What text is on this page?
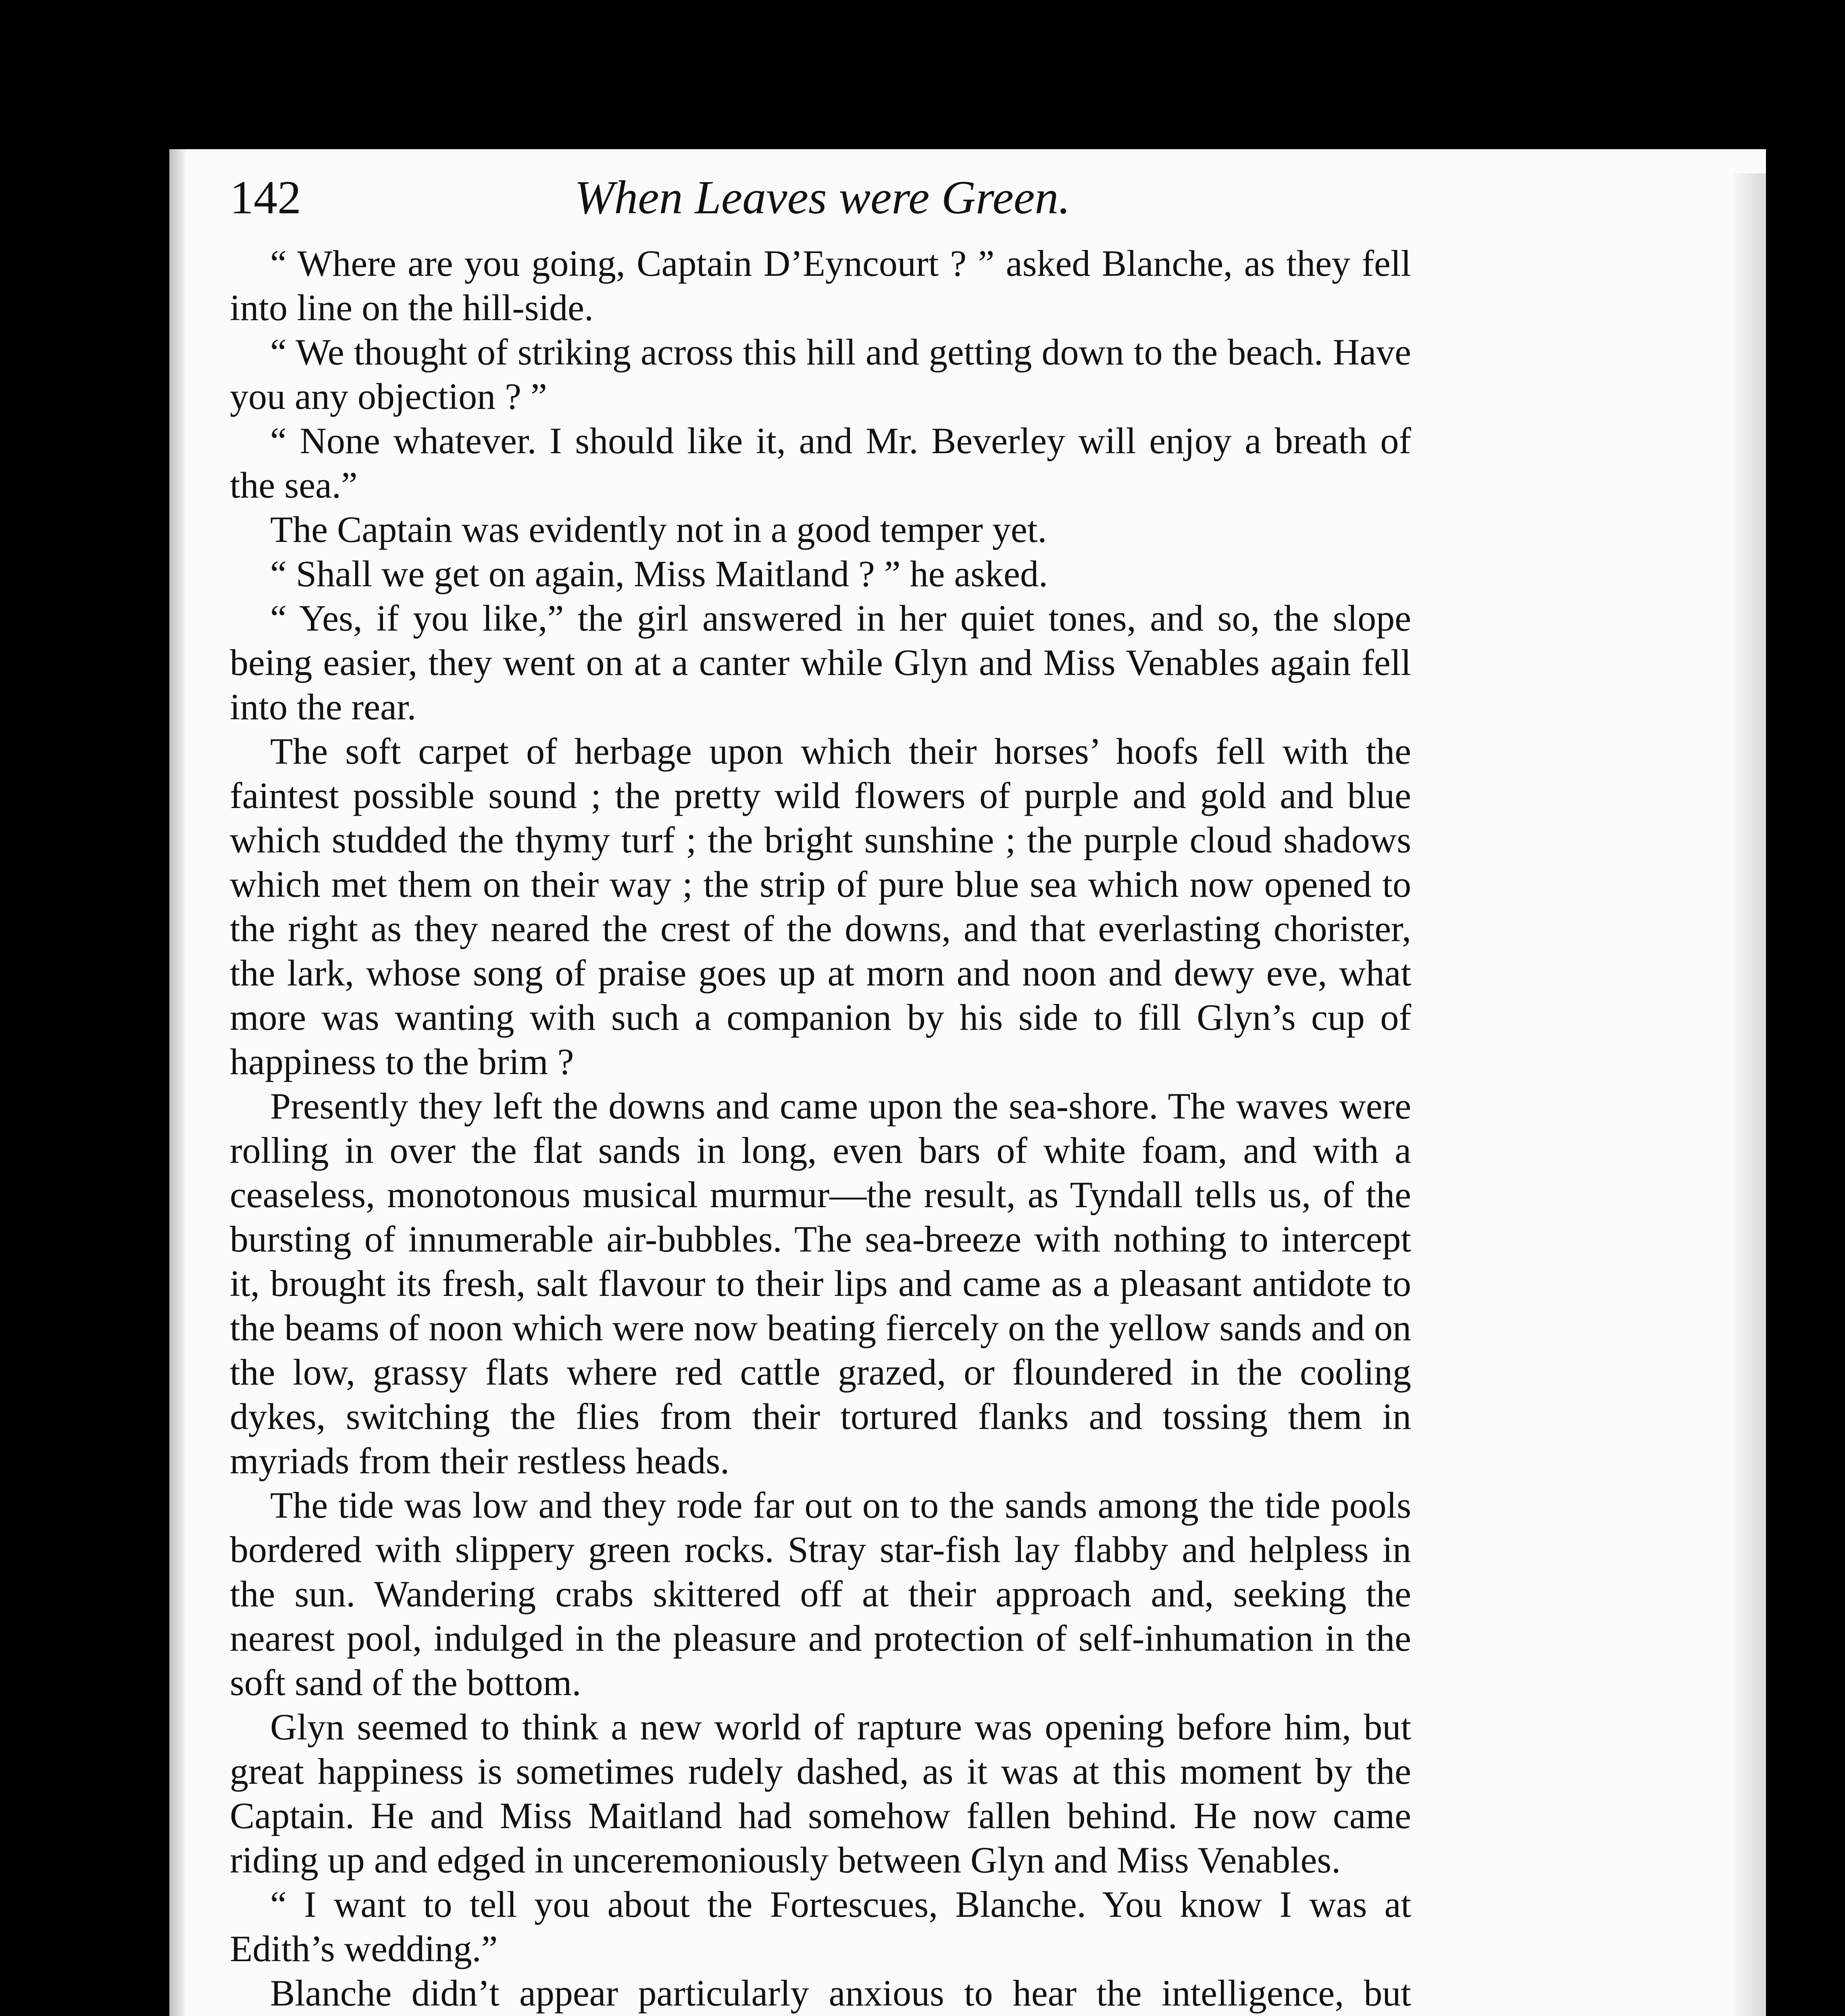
142	When Leaves were Green.

“ Where are you going, Captain D’Eyncourt ? ” asked Blanche, as they fell into line on the hill-side.

“ We thought of striking across this hill and getting down to the beach. Have you any objection ? ”

“ None whatever. I should like it, and Mr. Beverley will enjoy a breath of the sea.”

The Captain was evidently not in a good temper yet.

“ Shall we get on again, Miss Maitland ? ” he asked.

“ Yes, if you like,” the girl answered in her quiet tones, and so, the slope being easier, they went on at a canter while Glyn and Miss Venables again fell into the rear.

The soft carpet of herbage upon which their horses’ hoofs fell with the faintest possible sound ; the pretty wild flowers of purple and gold and blue which studded the thymy turf ; the bright sunshine ; the purple cloud shadows which met them on their way ; the strip of pure blue sea which now opened to the right as they neared the crest of the downs, and that everlasting chorister, the lark, whose song of praise goes up at morn and noon and dewy eve, what more was wanting with such a companion by his side to fill Glyn’s cup of happiness to the brim ?

Presently they left the downs and came upon the sea-shore. The waves were rolling in over the flat sands in long, even bars of white foam, and with a ceaseless, monotonous musical murmur—the result, as Tyndall tells us, of the bursting of innumerable air-bubbles. The sea-breeze with nothing to intercept it, brought its fresh, salt flavour to their lips and came as a pleasant antidote to the beams of noon which were now beating fiercely on the yellow sands and on the low, grassy flats where red cattle grazed, or floundered in the cooling dykes, switching the flies from their tortured flanks and tossing them in myriads from their restless heads.

The tide was low and they rode far out on to the sands among the tide pools bordered with slippery green rocks. Stray star-fish lay flabby and helpless in the sun. Wandering crabs skittered off at their approach and, seeking the nearest pool, indulged in the pleasure and protection of self-inhumation in the soft sand of the bottom.

Glyn seemed to think a new world of rapture was opening before him, but great happiness is sometimes rudely dashed, as it was at this moment by the Captain. He and Miss Maitland had somehow fallen behind. He now came riding up and edged in unceremoniously between Glyn and Miss Venables.

“ I want to tell you about the Fortescues, Blanche. You know I was at Edith’s wedding.”

Blanche didn’t appear particularly anxious to hear the intelligence, but
